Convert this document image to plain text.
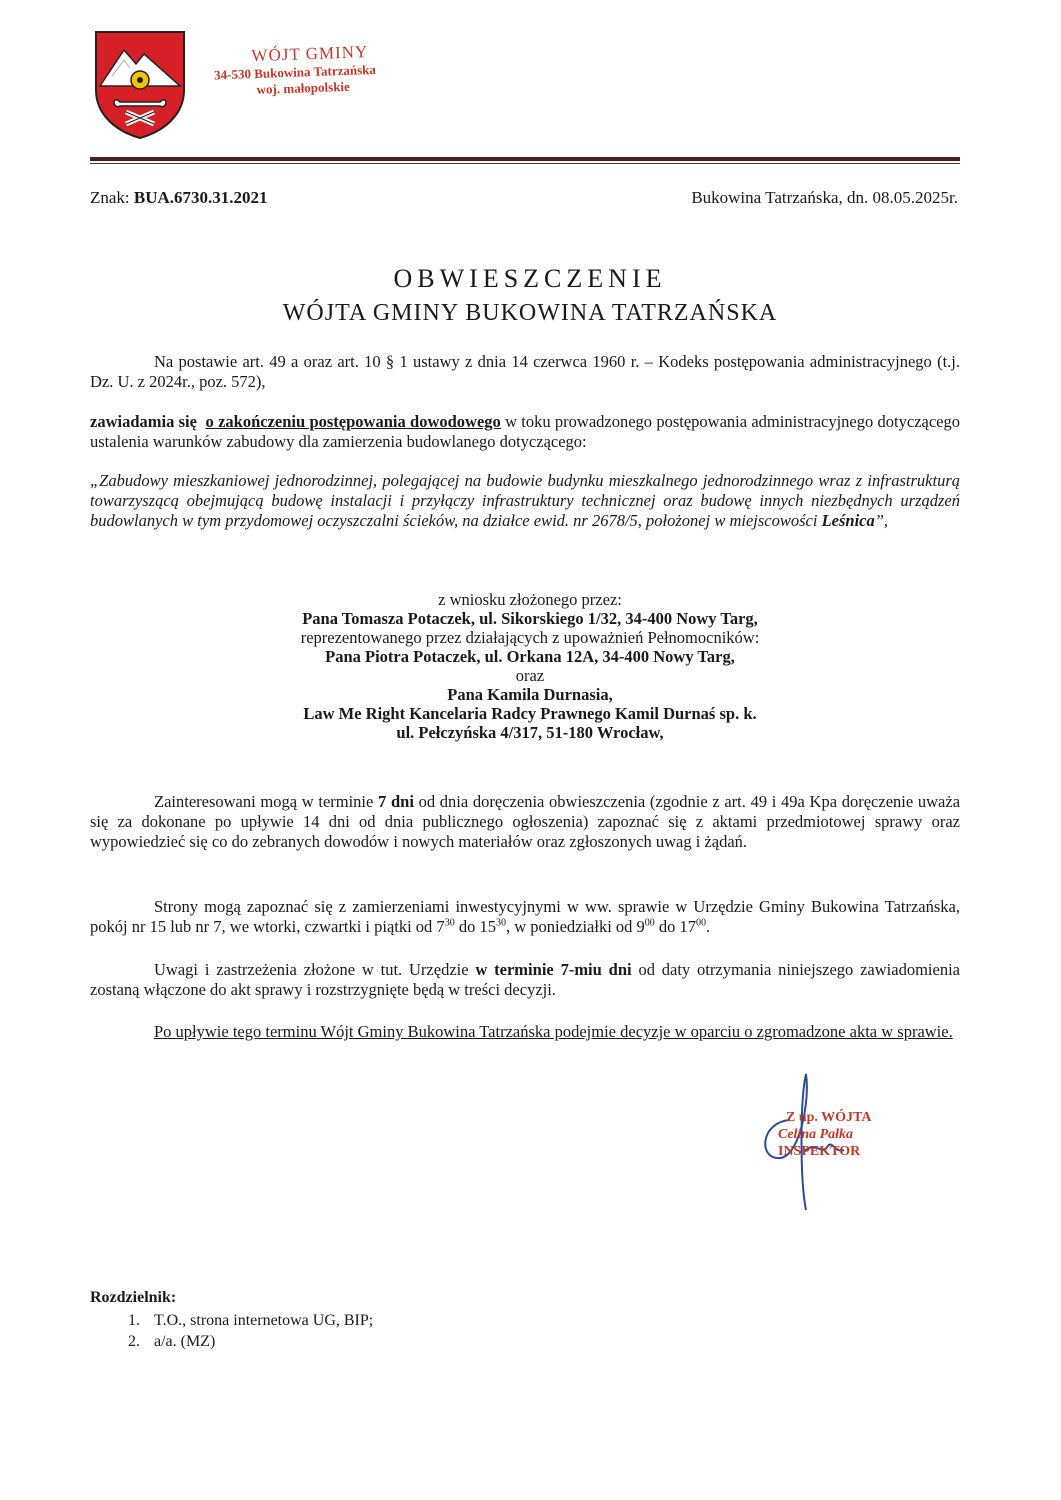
WÓJT GMINY
34-530 Bukowina Tatrzańska
woj. małopolskie
Znak: BUA.6730.31.2021	Bukowina Tatrzańska, dn. 08.05.2025r.
OBWIESZCZENIE
WÓJTA GMINY BUKOWINA TATRZAŃSKA
Na postawie art. 49 a oraz art. 10 § 1 ustawy z dnia 14 czerwca 1960 r. – Kodeks postępowania administracyjnego (t.j. Dz. U. z 2024r., poz. 572),
zawiadamia się o zakończeniu postępowania dowodowego w toku prowadzonego postępowania administracyjnego dotyczącego ustalenia warunków zabudowy dla zamierzenia budowlanego dotyczącego:
„Zabudowy mieszkaniowej jednorodzinnej, polegającej na budowie budynku mieszkalnego jednorodzinnego wraz z infrastrukturą towarzyszącą obejmującą budowę instalacji i przyłączy infrastruktury technicznej oraz budowę innych niezbędnych urządzeń budowlanych w tym przydomowej oczyszczalni ścieków, na działce ewid. nr 2678/5, położonej w miejscowości Leśnica”,
z wniosku złożonego przez:
Pana Tomasza Potaczek, ul. Sikorskiego 1/32, 34-400 Nowy Targ,
reprezentowanego przez działających z upoważnień Pełnomocników:
Pana Piotra Potaczek, ul. Orkana 12A, 34-400 Nowy Targ,
oraz
Pana Kamila Durnasia,
Law Me Right Kancelaria Radcy Prawnego Kamil Durnaś sp. k.
ul. Pełczyńska 4/317, 51-180 Wrocław,
Zainteresowani mogą w terminie 7 dni od dnia doręczenia obwieszczenia (zgodnie z art. 49 i 49a Kpa doręczenie uważa się za dokonane po upływie 14 dni od dnia publicznego ogłoszenia) zapoznać się z aktami przedmiotowej sprawy oraz wypowiedzieć się co do zebranych dowodów i nowych materiałów oraz zgłoszonych uwag i żądań.
Strony mogą zapoznać się z zamierzeniami inwestycyjnymi w ww. sprawie w Urzędzie Gminy Bukowina Tatrzańska, pokój nr 15 lub nr 7, we wtorki, czwartki i piątki od $7^{30}$ do $15^{30}$, w poniedziałki od $9^{00}$ do $17^{00}$.
Uwagi i zastrzeżenia złożone w tut. Urzędzie w terminie 7-miu dni od daty otrzymania niniejszego zawiadomienia zostaną włączone do akt sprawy i rozstrzygnięte będą w treści decyzji.
Po upływie tego terminu Wójt Gminy Bukowina Tatrzańska podejmie decyzje w oparciu o zgromadzone akta w sprawie.
Z up. WÓJTA
Celina Pałka
INSPEKTOR
Rozdzielnik:
1. T.O., strona internetowa UG, BIP;
2. a/a. (MZ)
